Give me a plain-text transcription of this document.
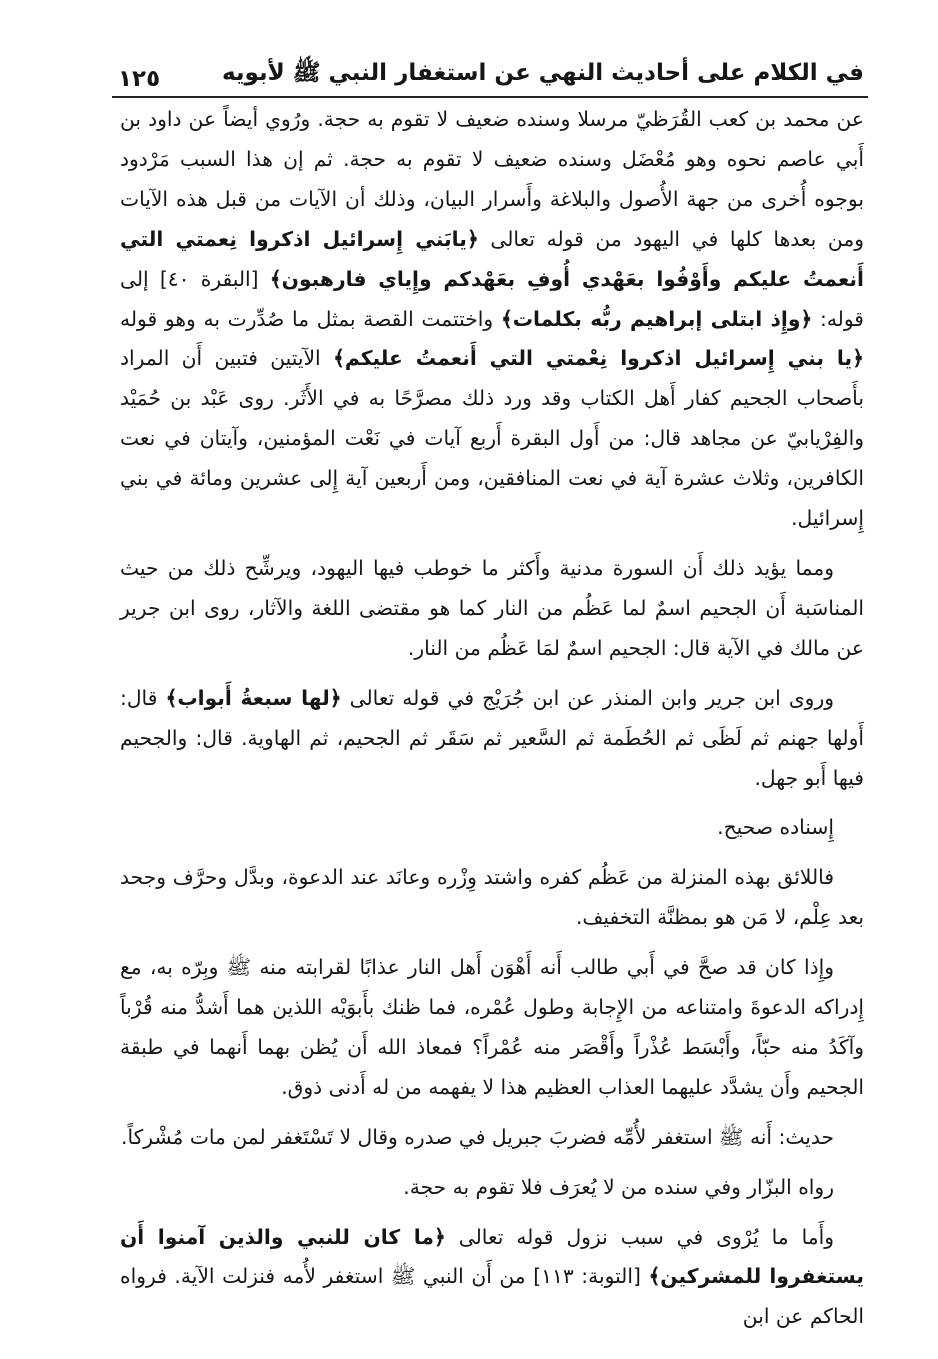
في الكلام على أحاديث النهي عن استغفار النبي ﷺ لأبويه
١٢٥

عن محمد بن كعب القُرَظيّ مرسلا وسنده ضعيف لا تقوم به حجة. ورُوي أيضاً عن داود بن أَبي عاصم نحوه وهو مُعْضَل وسنده ضعيف لا تقوم به حجة. ثم إن هذا السبب مَرْدود بوجوه أُخرى من جهة الأُصول والبلاغة وأَسرار البيان، وذلك أن الآيات من قبل هذه الآيات ومن بعدها كلها في اليهود من قوله تعالى ﴿يابَني إِسرائيل اذكروا نِعمتي التي أَنعمتُ عليكم وأَوْفُوا بعَهْدي أُوفِ بعَهْدكم وإِياي فارهبون﴾ [البقرة ٤٠] إلى قوله: ﴿وإِذ ابتلى إبراهيم ربُّه بكلمات﴾ واختتمت القصة بمثل ما صُدِّرت به وهو قوله ﴿يا بني إِسرائيل اذكروا نِعْمتي التي أَنعمتُ عليكم﴾ الآيتين فتبين أَن المراد بأَصحاب الجحيم كفار أَهل الكتاب وقد ورد ذلك مصرَّحًا به في الأَثَر. روى عَبْد بن حُمَيْد والفِرْيابيّ عن مجاهد قال: من أَول البقرة أَربع آيات في نَعْت المؤمنين، وآيتان في نعت الكافرين، وثلاث عشرة آية في نعت المنافقين، ومن أَربعين آية إِلى عشرين ومائة في بني إِسرائيل.

ومما يؤيد ذلك أَن السورة مدنية وأَكثر ما خوطب فيها اليهود، ويرشِّح ذلك من حيث المناسَبة أَن الجحيم اسمٌ لما عَظُم من النار كما هو مقتضى اللغة والآثار، روى ابن جرير عن مالك في الآية قال: الجحيم اسمٌ لمَا عَظُم من النار.

وروى ابن جرير وابن المنذر عن ابن جُرَيْج في قوله تعالى ﴿لها سبعةُ أَبواب﴾ قال: أَولها جهنم ثم لَظَى ثم الحُطَمة ثم السَّعير ثم سَقَر ثم الجحيم، ثم الهاوية. قال: والجحيم فيها أَبو جهل.

إِسناده صحيح.

فاللائق بهذه المنزلة من عَظُم كفره واشتد وِزْره وعانَد عند الدعوة، وبدَّل وحرَّف وجحد بعد عِلْم، لا مَن هو بمظنَّة التخفيف.

وإِذا كان قد صحَّ في أَبي طالب أَنه أَهْوَن أَهل النار عذابًا لقرابته منه ﷺ وبِرّه به، مع إِدراكه الدعوةَ وامتناعه من الإِجابة وطول عُمْره، فما ظنك بأَبوَيْه اللذين هما أَشدُّ منه قُرْباً وآكَدُ منه حبّاً، وأَبْسَط عُذْراً وأَقْصَر منه عُمْراً؟ فمعاذ الله أَن يُظن بهما أَنهما في طبقة الجحيم وأَن يشدَّد عليهما العذاب العظيم هذا لا يفهمه من له أَدنى ذوق.

حديث: أَنه ﷺ استغفر لأُمِّه فضربَ جبريل في صدره وقال لا تَسْتَغفر لمن مات مُشْركاً.

رواه البزّار وفي سنده من لا يُعرَف فلا تقوم به حجة.

وأَما ما يُرْوى في سبب نزول قوله تعالى ﴿ما كان للنبي والذين آمنوا أَن يستغفروا للمشركين﴾ [التوبة: ١١٣] من أَن النبي ﷺ استغفر لأُمه فنزلت الآية. فرواه الحاكم عن ابن
